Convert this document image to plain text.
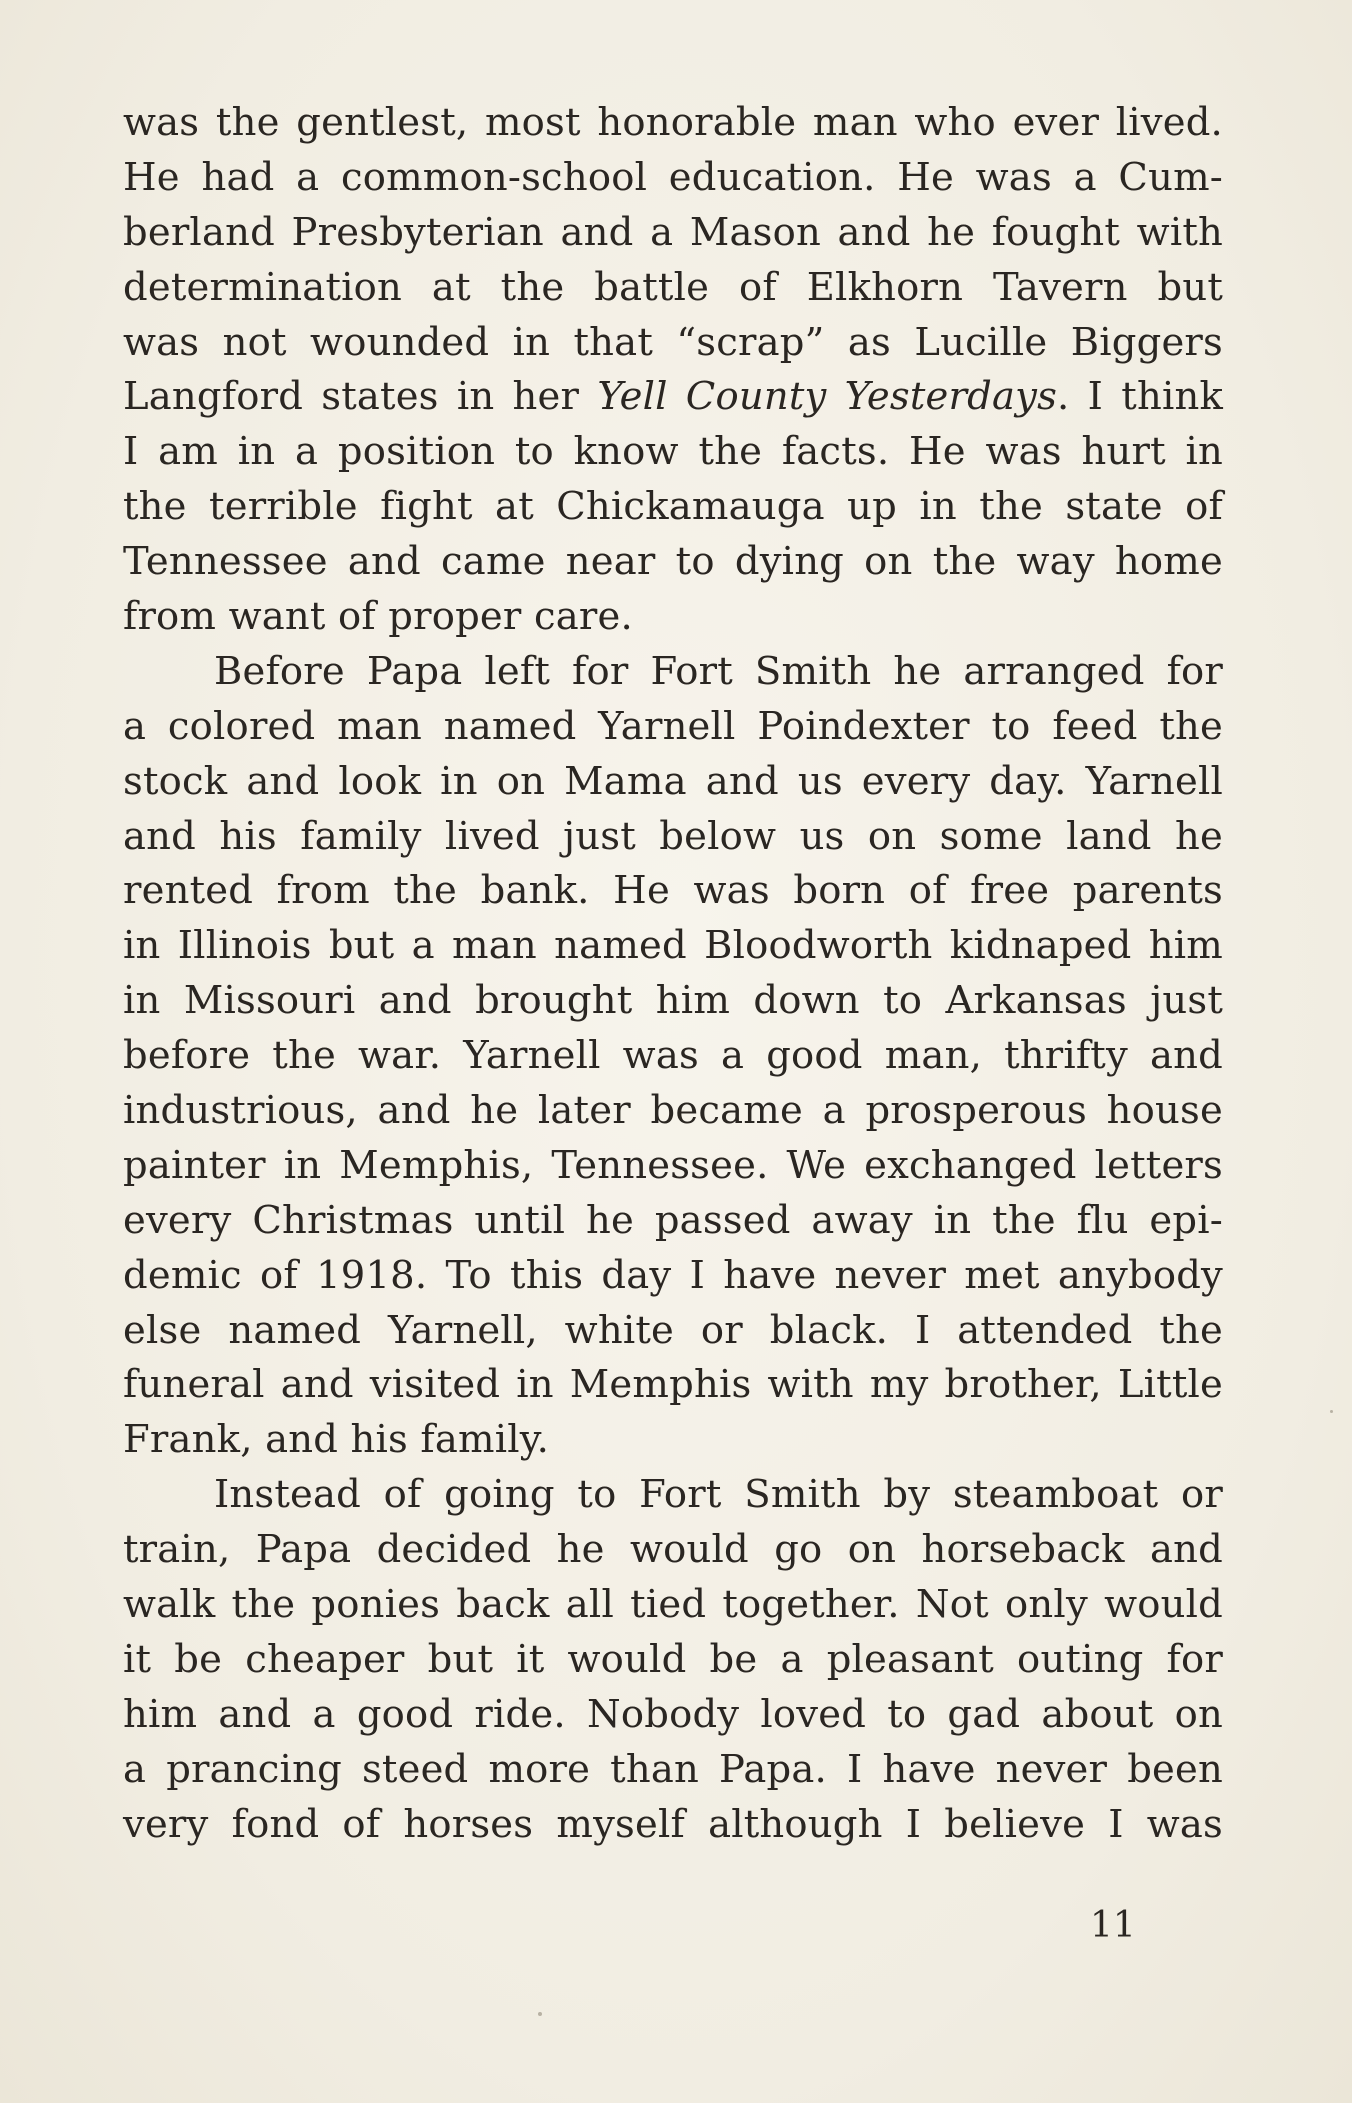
was the gentlest, most honorable man who ever lived.
He had a common-school education. He was a Cum-
berland Presbyterian and a Mason and he fought with
determination at the battle of Elkhorn Tavern but
was not wounded in that “scrap” as Lucille Biggers
Langford states in her Yell County Yesterdays. I think
I am in a position to know the facts. He was hurt in
the terrible fight at Chickamauga up in the state of
Tennessee and came near to dying on the way home
from want of proper care.
Before Papa left for Fort Smith he arranged for
a colored man named Yarnell Poindexter to feed the
stock and look in on Mama and us every day. Yarnell
and his family lived just below us on some land he
rented from the bank. He was born of free parents
in Illinois but a man named Bloodworth kidnaped him
in Missouri and brought him down to Arkansas just
before the war. Yarnell was a good man, thrifty and
industrious, and he later became a prosperous house
painter in Memphis, Tennessee. We exchanged letters
every Christmas until he passed away in the flu epi-
demic of 1918. To this day I have never met anybody
else named Yarnell, white or black. I attended the
funeral and visited in Memphis with my brother, Little
Frank, and his family.
Instead of going to Fort Smith by steamboat or
train, Papa decided he would go on horseback and
walk the ponies back all tied together. Not only would
it be cheaper but it would be a pleasant outing for
him and a good ride. Nobody loved to gad about on
a prancing steed more than Papa. I have never been
very fond of horses myself although I believe I was
11
